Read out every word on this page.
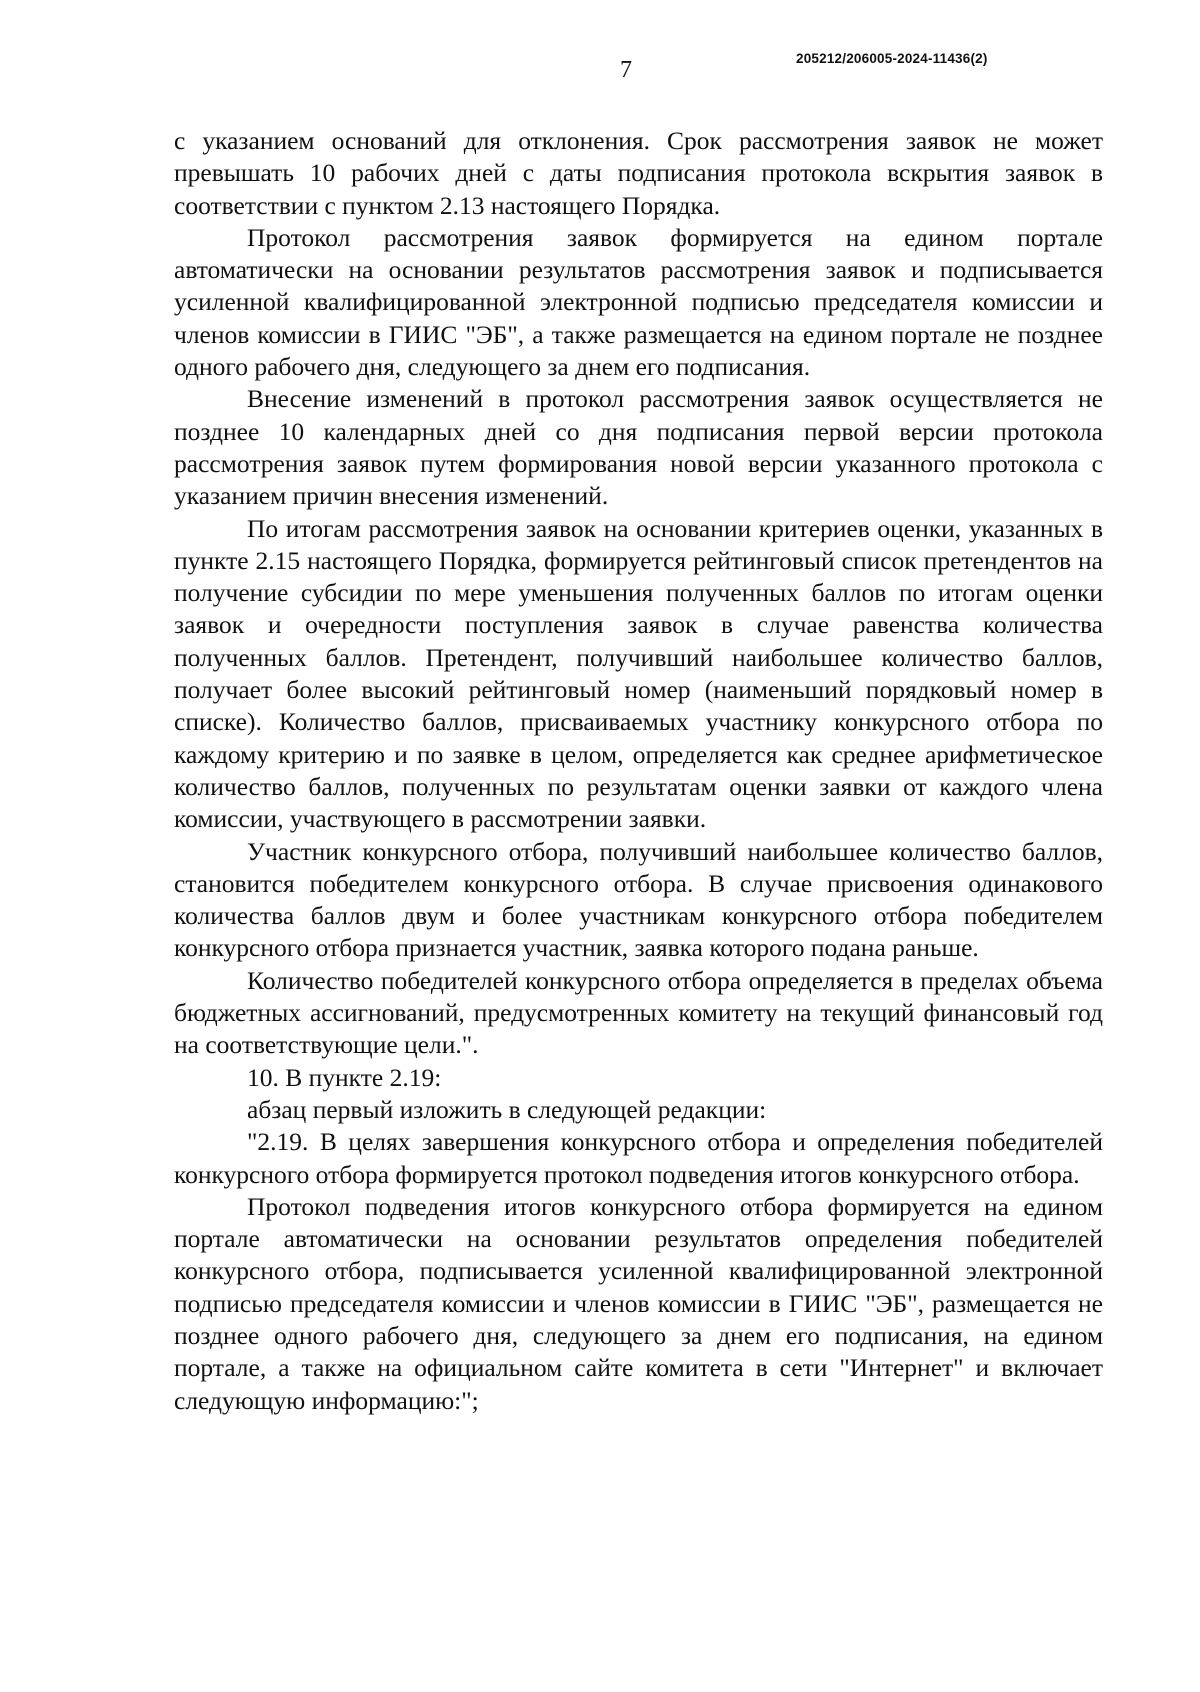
7	205212/206005-2024-11436(2)

с указанием оснований для отклонения. Срок рассмотрения заявок не может превышать 10 рабочих дней с даты подписания протокола вскрытия заявок в соответствии с пунктом 2.13 настоящего Порядка.

Протокол рассмотрения заявок формируется на едином портале автоматически на основании результатов рассмотрения заявок и подписывается усиленной квалифицированной электронной подписью председателя комиссии и членов комиссии в ГИИС "ЭБ", а также размещается на едином портале не позднее одного рабочего дня, следующего за днем его подписания.

Внесение изменений в протокол рассмотрения заявок осуществляется не позднее 10 календарных дней со дня подписания первой версии протокола рассмотрения заявок путем формирования новой версии указанного протокола с указанием причин внесения изменений.

По итогам рассмотрения заявок на основании критериев оценки, указанных в пункте 2.15 настоящего Порядка, формируется рейтинговый список претендентов на получение субсидии по мере уменьшения полученных баллов по итогам оценки заявок и очередности поступления заявок в случае равенства количества полученных баллов. Претендент, получивший наибольшее количество баллов, получает более высокий рейтинговый номер (наименьший порядковый номер в списке). Количество баллов, присваиваемых участнику конкурсного отбора по каждому критерию и по заявке в целом, определяется как среднее арифметическое количество баллов, полученных по результатам оценки заявки от каждого члена комиссии, участвующего в рассмотрении заявки.

Участник конкурсного отбора, получивший наибольшее количество баллов, становится победителем конкурсного отбора. В случае присвоения одинакового количества баллов двум и более участникам конкурсного отбора победителем конкурсного отбора признается участник, заявка которого подана раньше.

Количество победителей конкурсного отбора определяется в пределах объема бюджетных ассигнований, предусмотренных комитету на текущий финансовый год на соответствующие цели.".

10. В пункте 2.19:

абзац первый изложить в следующей редакции:

"2.19. В целях завершения конкурсного отбора и определения победителей конкурсного отбора формируется протокол подведения итогов конкурсного отбора.

Протокол подведения итогов конкурсного отбора формируется на едином портале автоматически на основании результатов определения победителей конкурсного отбора, подписывается усиленной квалифицированной электронной подписью председателя комиссии и членов комиссии в ГИИС "ЭБ", размещается не позднее одного рабочего дня, следующего за днем его подписания, на едином портале, а также на официальном сайте комитета в сети "Интернет" и включает следующую информацию:";
